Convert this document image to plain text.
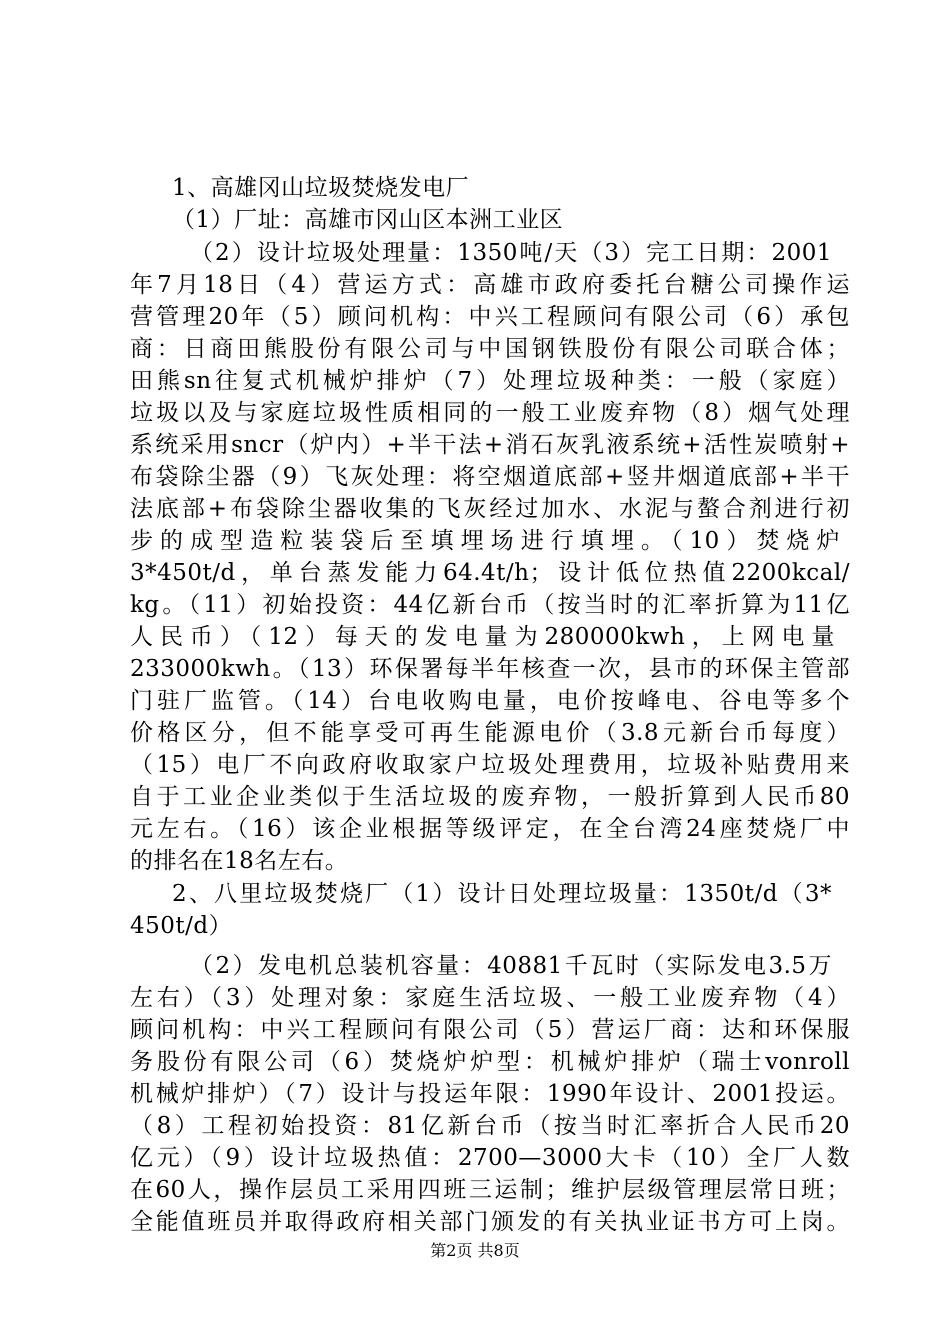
1、高雄冈山垃圾焚烧发电厂
（1）厂址：高雄市冈山区本洲工业区
（2）设计垃圾处理量：1350吨/天（3）完工日期：2001
年7月18日（4）营运方式：高雄市政府委托台糖公司操作运
营管理20年（5）顾问机构：中兴工程顾问有限公司（6）承包
商：日商田熊股份有限公司与中国钢铁股份有限公司联合体；
田熊sn往复式机械炉排炉（7）处理垃圾种类：一般（家庭）
垃圾以及与家庭垃圾性质相同的一般工业废弃物（8）烟气处理
系统采用sncr（炉内）+半干法+消石灰乳液系统+活性炭喷射+
布袋除尘器（9）飞灰处理：将空烟道底部+竖井烟道底部+半干
法底部+布袋除尘器收集的飞灰经过加水、水泥与螯合剂进行初
步的成型造粒装袋后至填埋场进行填埋。（10）焚烧炉
3*450t/d，单台蒸发能力64.4t/h；设计低位热值2200kcal/
kg。（11）初始投资：44亿新台币（按当时的汇率折算为11亿
人民币）（12）每天的发电量为280000kwh，上网电量
233000kwh。（13）环保署每半年核查一次，县市的环保主管部
门驻厂监管。（14）台电收购电量，电价按峰电、谷电等多个
价格区分，但不能享受可再生能源电价（3.8元新台币每度）
（15）电厂不向政府收取家户垃圾处理费用，垃圾补贴费用来
自于工业企业类似于生活垃圾的废弃物，一般折算到人民币80
元左右。（16）该企业根据等级评定，在全台湾24座焚烧厂中
的排名在18名左右。
2、八里垃圾焚烧厂（1）设计日处理垃圾量：1350t/d（3*
450t/d）
（2）发电机总装机容量：40881千瓦时（实际发电3.5万
左右）（3）处理对象：家庭生活垃圾、一般工业废弃物（4）
顾问机构：中兴工程顾问有限公司（5）营运厂商：达和环保服
务股份有限公司（6）焚烧炉炉型：机械炉排炉（瑞士vonroll
机械炉排炉）（7）设计与投运年限：1990年设计、2001投运。
（8）工程初始投资：81亿新台币（按当时汇率折合人民币20
亿元）（9）设计垃圾热值：2700—3000大卡（10）全厂人数
在60人，操作层员工采用四班三运制；维护层级管理层常日班；
全能值班员并取得政府相关部门颁发的有关执业证书方可上岗。
第2页 共8页
